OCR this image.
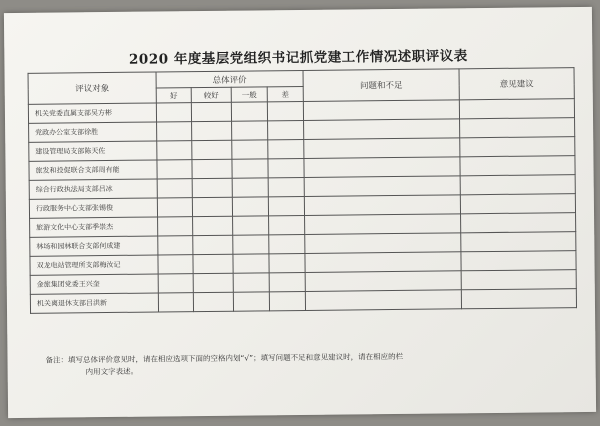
2020 年度基层党组织书记抓党建工作情况述职评议表
评议对象	总体评价				问题和不足	意见建议
	好	较好	一般	差		
机关党委直属支部吴方彬						
党政办公室支部徐胜						
建设管理局支部陈天佐						
旅发和投促联合支部周有能						
综合行政执法局支部吕冰						
行政服务中心支部张锡俊						
旅游文化中心支部季崇杰						
林场和园林联合支部何成建						
双龙电站管理所支部梅汝记						
金旅集团党委王兴奎						
机关离退休支部吕洪新						
备注：填写总体评价意见时，请在相应选项下面的空格内划“√”；填写问题不足和意见建议时，请在相应的栏
内用文字表述。
